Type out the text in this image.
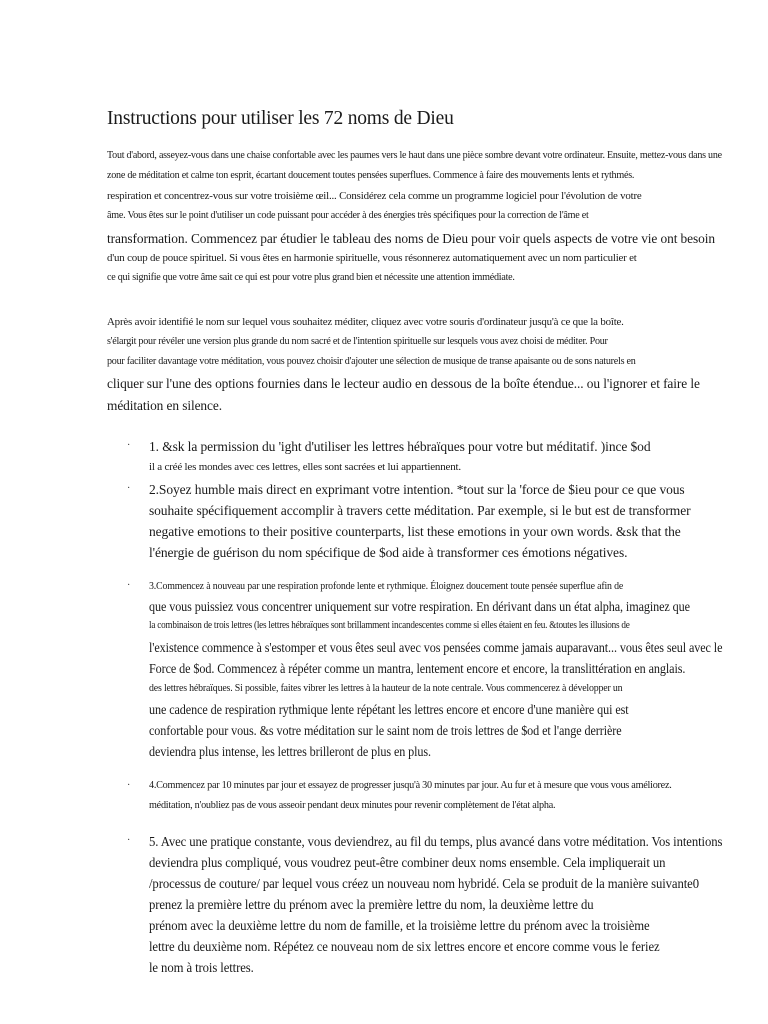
Instructions pour utiliser les 72 noms de Dieu
Tout d'abord, asseyez-vous dans une chaise confortable avec les paumes vers le haut dans une pièce sombre devant votre ordinateur. Ensuite, mettez-vous dans une
zone de méditation et calme ton esprit, écartant doucement toutes pensées superflues. Commence à faire des mouvements lents et rythmés.
respiration et concentrez-vous sur votre troisième œil... Considérez cela comme un programme logiciel pour l'évolution de votre
âme. Vous êtes sur le point d'utiliser un code puissant pour accéder à des énergies très spécifiques pour la correction de l'âme et
transformation. Commencez par étudier le tableau des noms de Dieu pour voir quels aspects de votre vie ont besoin
d'un coup de pouce spirituel. Si vous êtes en harmonie spirituelle, vous résonnerez automatiquement avec un nom particulier et
ce qui signifie que votre âme sait ce qui est pour votre plus grand bien et nécessite une attention immédiate.
Après avoir identifié le nom sur lequel vous souhaitez méditer, cliquez avec votre souris d'ordinateur jusqu'à ce que la boîte.
s'élargit pour révéler une version plus grande du nom sacré et de l'intention spirituelle sur lesquels vous avez choisi de méditer. Pour
pour faciliter davantage votre méditation, vous pouvez choisir d'ajouter une sélection de musique de transe apaisante ou de sons naturels en
cliquer sur l'une des options fournies dans le lecteur audio en dessous de la boîte étendue... ou l'ignorer et faire le
méditation en silence.
· 1. &sk la permission du 'ight d'utiliser les lettres hébraïques pour votre but méditatif. )ince $od
il a créé les mondes avec ces lettres, elles sont sacrées et lui appartiennent.
· 2.Soyez humble mais direct en exprimant votre intention. *tout sur la 'force de $ieu pour ce que vous
souhaite spécifiquement accomplir à travers cette méditation. Par exemple, si le but est de transformer
negative emotions to their positive counterparts, list these emotions in your own words. &sk that the
l'énergie de guérison du nom spécifique de $od aide à transformer ces émotions négatives.
· 3.Commencez à nouveau par une respiration profonde lente et rythmique. Éloignez doucement toute pensée superflue afin de
que vous puissiez vous concentrer uniquement sur votre respiration. En dérivant dans un état alpha, imaginez que
la combinaison de trois lettres (les lettres hébraïques sont brillamment incandescentes comme si elles étaient en feu. &toutes les illusions de
l'existence commence à s'estomper et vous êtes seul avec vos pensées comme jamais auparavant... vous êtes seul avec le
Force de $od. Commencez à répéter comme un mantra, lentement encore et encore, la translittération en anglais.
des lettres hébraïques. Si possible, faites vibrer les lettres à la hauteur de la note centrale. Vous commencerez à développer un
une cadence de respiration rythmique lente répétant les lettres encore et encore d'une manière qui est
confortable pour vous. &s votre méditation sur le saint nom de trois lettres de $od et l'ange derrière
deviendra plus intense, les lettres brilleront de plus en plus.
· 4.Commencez par 10 minutes par jour et essayez de progresser jusqu'à 30 minutes par jour. Au fur et à mesure que vous vous améliorez.
méditation, n'oubliez pas de vous asseoir pendant deux minutes pour revenir complètement de l'état alpha.
· 5. Avec une pratique constante, vous deviendrez, au fil du temps, plus avancé dans votre méditation. Vos intentions
deviendra plus compliqué, vous voudrez peut-être combiner deux noms ensemble. Cela impliquerait un
/processus de couture/ par lequel vous créez un nouveau nom hybridé. Cela se produit de la manière suivante0
prenez la première lettre du prénom avec la première lettre du nom, la deuxième lettre du
prénom avec la deuxième lettre du nom de famille, et la troisième lettre du prénom avec la troisième
lettre du deuxième nom. Répétez ce nouveau nom de six lettres encore et encore comme vous le feriez
le nom à trois lettres.
